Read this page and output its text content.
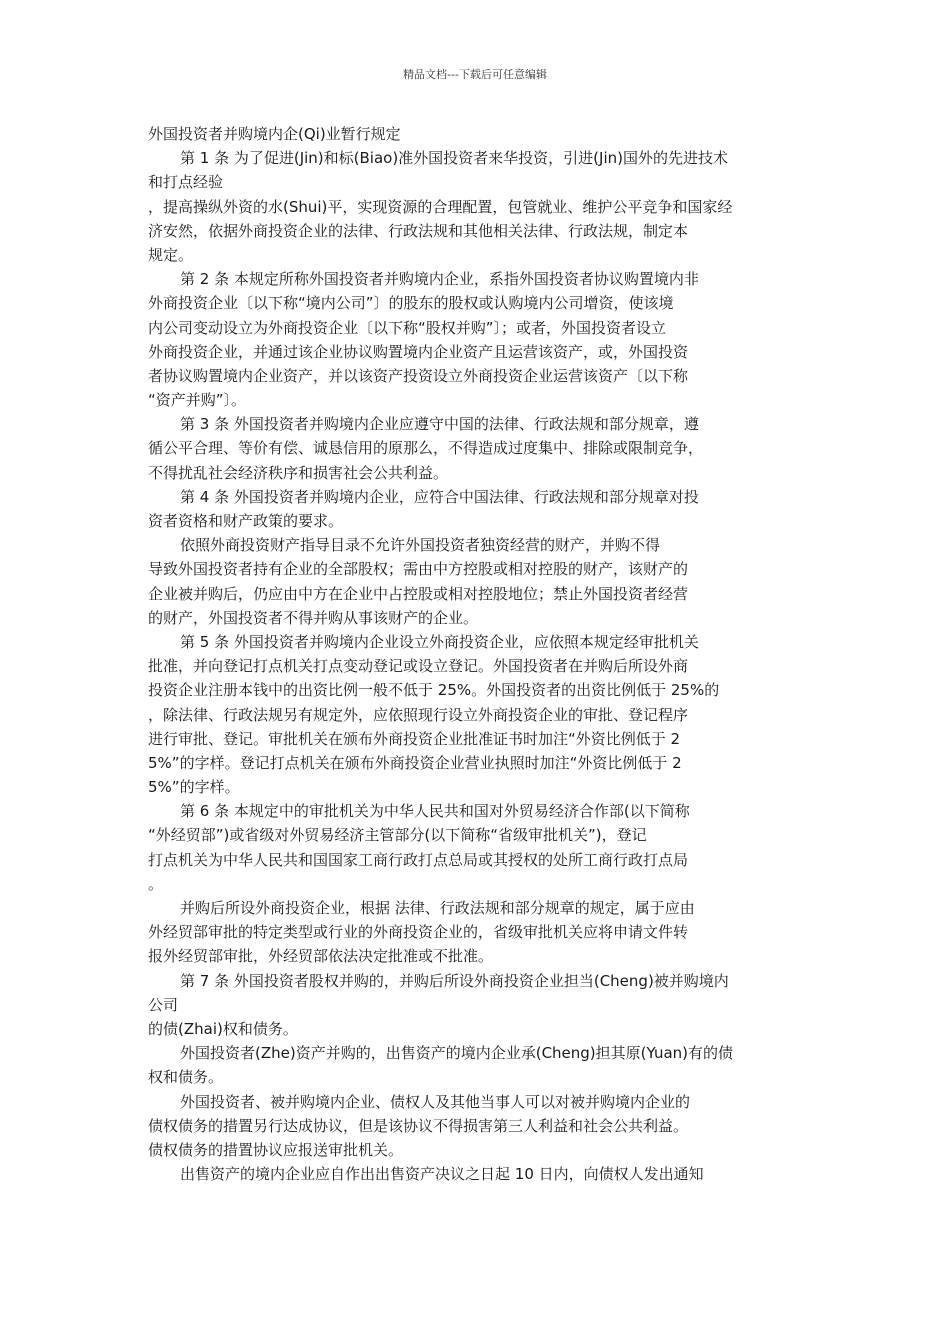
精品文档---下载后可任意编辑
外国投资者并购境内企(Qi)业暂行规定
第 1 条 为了促进(Jin)和标(Biao)准外国投资者来华投资，引进(Jin)国外的先进技术
和打点经验
，提高操纵外资的水(Shui)平，实现资源的合理配置，包管就业、维护公平竞争和国家经
济安然，依据外商投资企业的法律、行政法规和其他相关法律、行政法规，制定本
规定。
第 2 条 本规定所称外国投资者并购境内企业，系指外国投资者协议购置境内非
外商投资企业〔以下称“境内公司”〕的股东的股权或认购境内公司增资，使该境
内公司变动设立为外商投资企业〔以下称“股权并购”〕；或者，外国投资者设立
外商投资企业，并通过该企业协议购置境内企业资产且运营该资产，或，外国投资
者协议购置境内企业资产，并以该资产投资设立外商投资企业运营该资产〔以下称
“资产并购”〕。
第 3 条 外国投资者并购境内企业应遵守中国的法律、行政法规和部分规章，遵
循公平合理、等价有偿、诚恳信用的原那么，不得造成过度集中、排除或限制竞争，
不得扰乱社会经济秩序和损害社会公共利益。
第 4 条 外国投资者并购境内企业，应符合中国法律、行政法规和部分规章对投
资者资格和财产政策的要求。
依照外商投资财产指导目录不允许外国投资者独资经营的财产，并购不得
导致外国投资者持有企业的全部股权；需由中方控股或相对控股的财产，该财产的
企业被并购后，仍应由中方在企业中占控股或相对控股地位；禁止外国投资者经营
的财产，外国投资者不得并购从事该财产的企业。
第 5 条 外国投资者并购境内企业设立外商投资企业，应依照本规定经审批机关
批准，并向登记打点机关打点变动登记或设立登记。外国投资者在并购后所设外商
投资企业注册本钱中的出资比例一般不低于 25%。外国投资者的出资比例低于 25%的
，除法律、行政法规另有规定外，应依照现行设立外商投资企业的审批、登记程序
进行审批、登记。审批机关在颁布外商投资企业批准证书时加注“外资比例低于 2
5%”的字样。登记打点机关在颁布外商投资企业营业执照时加注“外资比例低于 2
5%”的字样。
第 6 条 本规定中的审批机关为中华人民共和国对外贸易经济合作部(以下简称
“外经贸部”)或省级对外贸易经济主管部分(以下简称“省级审批机关”)，登记
打点机关为中华人民共和国国家工商行政打点总局或其授权的处所工商行政打点局
。
并购后所设外商投资企业，根据 法律、行政法规和部分规章的规定，属于应由
外经贸部审批的特定类型或行业的外商投资企业的，省级审批机关应将申请文件转
报外经贸部审批，外经贸部依法决定批准或不批准。
第 7 条 外国投资者股权并购的，并购后所设外商投资企业担当(Cheng)被并购境内
公司
的债(Zhai)权和债务。
外国投资者(Zhe)资产并购的，出售资产的境内企业承(Cheng)担其原(Yuan)有的债
权和债务。
外国投资者、被并购境内企业、债权人及其他当事人可以对被并购境内企业的
债权债务的措置另行达成协议，但是该协议不得损害第三人利益和社会公共利益。
债权债务的措置协议应报送审批机关。
出售资产的境内企业应自作出出售资产决议之日起 10 日内，向债权人发出通知
